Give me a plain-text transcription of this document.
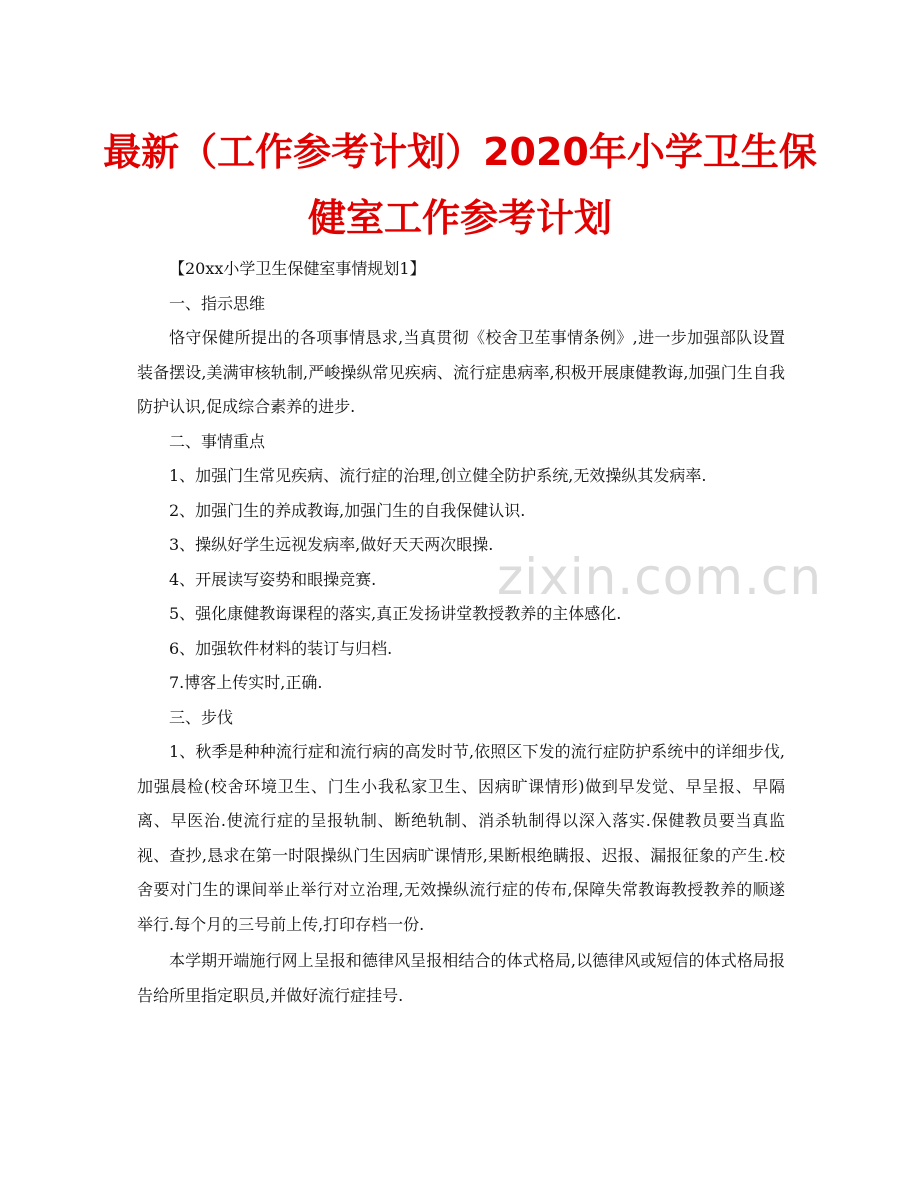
最新（工作参考计划）2020年小学卫生保
健室工作参考计划

【20xx小学卫生保健室事情规划1】

一、指示思维

恪守保健所提出的各项事情恳求,当真贯彻《校舍卫苼事情条例》,进一步加强部队设置装备摆设,美满审核轨制,严峻操纵常见疾病、流行症患病率,积极开展康健教诲,加强门生自我防护认识,促成综合素养的进步.

二、事情重点

1、加强门生常见疾病、流行症的治理,创立健全防护系统,无效操纵其发病率.

2、加强门生的养成教诲,加强门生的自我保健认识.

3、操纵好学生远视发病率,做好天天两次眼操.

4、开展读写姿势和眼操竞赛.

5、强化康健教诲课程的落实,真正发扬讲堂教授教养的主体感化.

6、加强软件材料的装订与归档.

7.博客上传实时,正确.

三、步伐

1、秋季是种种流行症和流行病的高发时节,依照区下发的流行症防护系统中的详细步伐,加强晨检(校舍环境卫生、门生小我私家卫生、因病旷课情形)做到早发觉、早呈报、早隔离、早医治.使流行症的呈报轨制、断绝轨制、消杀轨制得以深入落实.保健教员要当真监视、查抄,恳求在第一时限操纵门生因病旷课情形,果断根绝瞒报、迟报、漏报征象的产生.校舍要对门生的课间举止举行对立治理,无效操纵流行症的传布,保障失常教诲教授教养的顺遂举行.每个月的三号前上传,打印存档一份.

本学期开端施行网上呈报和德律风呈报相结合的体式格局,以德律风或短信的体式格局报告给所里指定职员,并做好流行症挂号.

zixin.com.cn
